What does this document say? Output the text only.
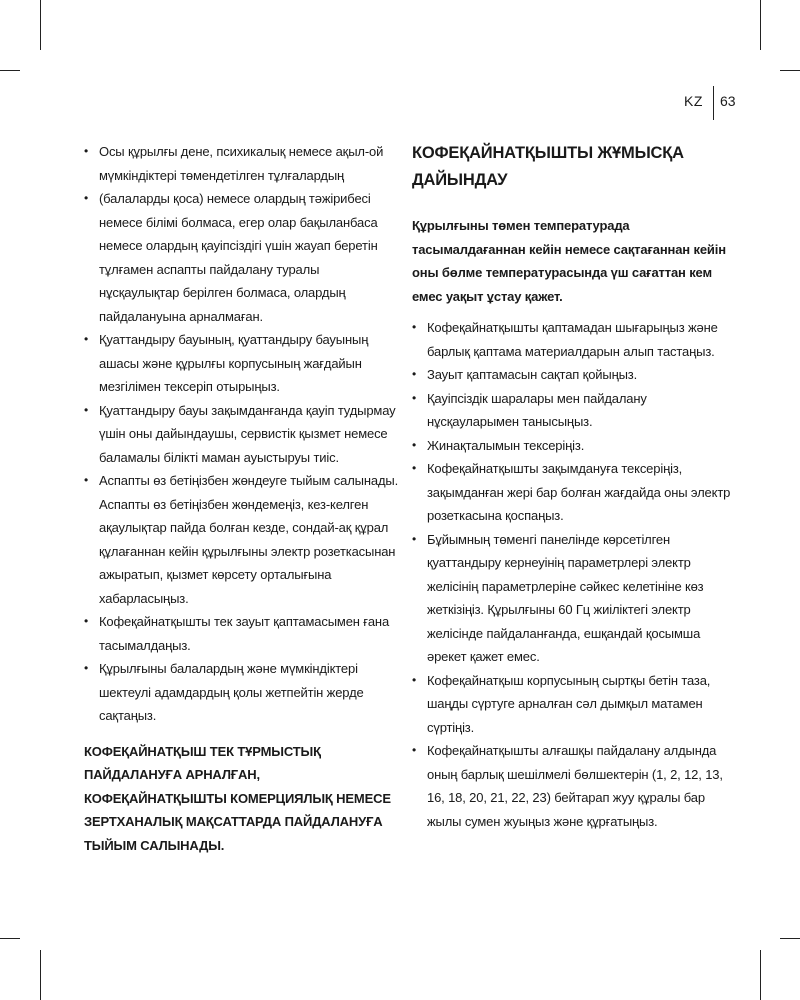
KZ 63
• Осы құрылғы дене, психикалық немесе ақыл-ой мүмкіндіктері төмендетілген тұлғалардың
• (балаларды қоса) немесе олардың тәжірибесі немесе білімі болмаса, егер олар бақыланбаса немесе олардың қауіпсіздігі үшін жауап беретін тұлғамен аспапты пайдалану туралы нұсқаулықтар берілген болмаса, олардың пайдалануына арналмаған.
• Қуаттандыру бауының, қуаттандыру бауының ашасы және құрылғы корпусының жағдайын мезгілімен тексеріп отырыңыз.
• Қуаттандыру бауы зақымданғанда қауіп тудырмау үшін оны дайындаушы, сервистік қызмет немесе баламалы білікті маман ауыстыруы тиіс.
• Аспапты өз бетіңізбен жөндеуге тыйым салынады. Аспапты өз бетіңізбен жөндемеңіз, кез-келген ақаулықтар пайда болған кезде, сондай-ақ құрал құлағаннан кейін құрылғыны электр розеткасынан ажыратып, қызмет көрсету орталығына хабарласыңыз.
• Кофеқайнатқышты тек зауыт қаптамасымен ғана тасымалдаңыз.
• Құрылғыны балалардың және мүмкіндіктері шектеулі адамдардың қолы жетпейтін жерде сақтаңыз.
КОФЕҚАЙНАТҚЫШ ТЕК ТҰРМЫСТЫҚ ПАЙДАЛАНУҒА АРНАЛҒАН, КОФЕҚАЙНАТҚЫШТЫ КОМЕРЦИЯЛЫҚ НЕМЕСЕ ЗЕРТХАНАЛЫҚ МАҚСАТТАРДА ПАЙДАЛАНУҒА ТЫЙЫМ САЛЫНАДЫ.
КОФЕҚАЙНАТҚЫШТЫ ЖҰМЫСҚА ДАЙЫНДАУ
Құрылғыны төмен температурада тасымалдағаннан кейін немесе сақтағаннан кейін оны бөлме температурасында үш сағаттан кем емес уақыт ұстау қажет.
• Кофеқайнатқышты қаптамадан шығарыңыз және барлық қаптама материалдарын алып тастаңыз.
• Зауыт қаптамасын сақтап қойыңыз.
• Қауіпсіздік шаралары мен пайдалану нұсқауларымен танысыңыз.
• Жинақталымын тексеріңіз.
• Кофеқайнатқышты зақымдануға тексеріңіз, зақымданған жері бар болған жағдайда оны электр розеткасына қоспаңыз.
• Бұйымның төменгі панелінде көрсетілген қуаттандыру кернеуінің параметрлері электр желісінің параметрлеріне сәйкес келетініне көз жеткізіңіз. Құрылғыны 60 Гц жиіліктегі электр желісінде пайдаланғанда, ешқандай қосымша әрекет қажет емес.
• Кофеқайнатқыш корпусының сыртқы бетін таза, шаңды сүртуге арналған сәл дымқыл матамен сүртіңіз.
• Кофеқайнатқышты алғашқы пайдалану алдында оның барлық шешілмелі бөлшектерін (1, 2, 12, 13, 16, 18, 20, 21, 22, 23) бейтарап жуу құралы бар жылы сумен жуыңыз және құрғатыңыз.
